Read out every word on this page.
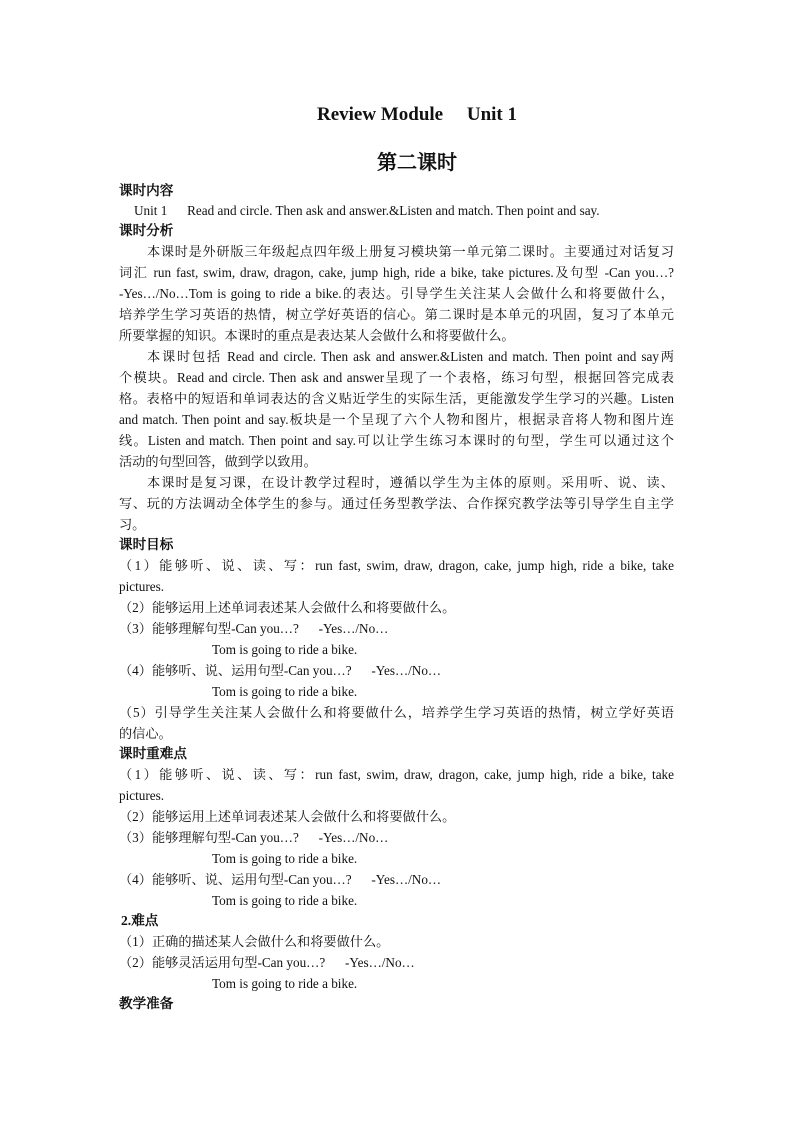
Review Module     Unit 1
第二课时
课时内容
Unit 1      Read and circle. Then ask and answer.&Listen and match. Then point and say.
课时分析
本课时是外研版三年级起点四年级上册复习模块第一单元第二课时。主要通过对话复习
词汇 run fast, swim, draw, dragon, cake, jump high, ride a bike, take pictures.及句型 -Can you…?
-Yes…/No…Tom is going to ride a bike.的表达。引导学生关注某人会做什么和将要做什么，
培养学生学习英语的热情，树立学好英语的信心。第二课时是本单元的巩固，复习了本单元
所要掌握的知识。本课时的重点是表达某人会做什么和将要做什么。
本课时包括 Read and circle. Then ask and answer.&Listen and match. Then point and say两
个模块。Read and circle. Then ask and answer呈现了一个表格，练习句型，根据回答完成表
格。表格中的短语和单词表达的含义贴近学生的实际生活，更能激发学生学习的兴趣。Listen
and match. Then point and say.板块是一个呈现了六个人物和图片，根据录音将人物和图片连
线。Listen and match. Then point and say.可以让学生练习本课时的句型，学生可以通过这个
活动的句型回答，做到学以致用。
本课时是复习课，在设计教学过程时，遵循以学生为主体的原则。采用听、说、读、
写、玩的方法调动全体学生的参与。通过任务型教学法、合作探究教学法等引导学生自主学
习。
课时目标
（1）能够听、说、读、写：run fast, swim, draw, dragon, cake, jump high, ride a bike, take
pictures.
（2）能够运用上述单词表述某人会做什么和将要做什么。
（3）能够理解句型-Can you…?      -Yes…/No…
Tom is going to ride a bike.
（4）能够听、说、运用句型-Can you…?      -Yes…/No…
Tom is going to ride a bike.
（5）引导学生关注某人会做什么和将要做什么，培养学生学习英语的热情，树立学好英语
的信心。
课时重难点
（1）能够听、说、读、写：run fast, swim, draw, dragon, cake, jump high, ride a bike, take
pictures.
（2）能够运用上述单词表述某人会做什么和将要做什么。
（3）能够理解句型-Can you…?      -Yes…/No…
Tom is going to ride a bike.
（4）能够听、说、运用句型-Can you…?      -Yes…/No…
Tom is going to ride a bike.
2.难点
（1）正确的描述某人会做什么和将要做什么。
（2）能够灵活运用句型-Can you…?      -Yes…/No…
Tom is going to ride a bike.
教学准备
